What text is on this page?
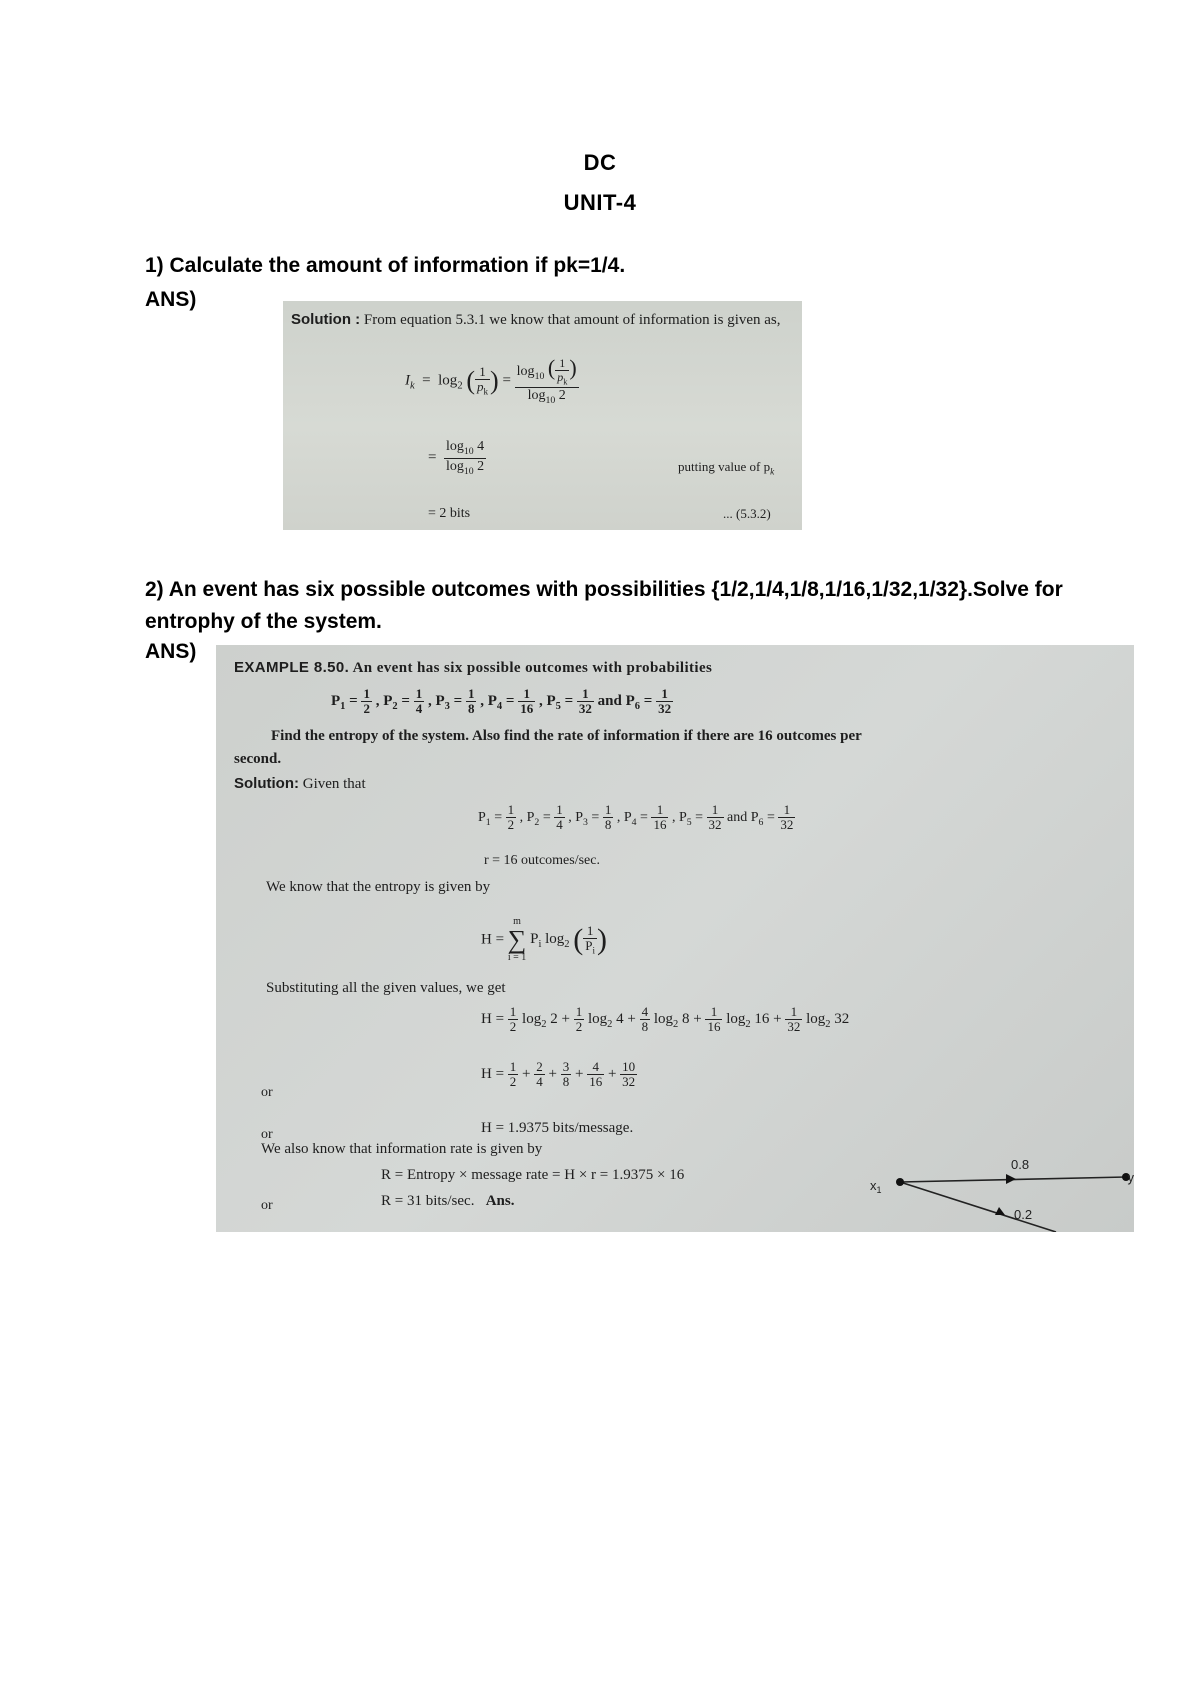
DC
UNIT-4
1) Calculate the amount of information if pk=1/4.
ANS)
Solution : From equation 5.3.1 we know that amount of information is given as,
$I_k = \log_2$ ( $\frac{1}{p_k}$ ) = $\frac{\log_{10} ( \frac{1}{p_k} )}{\log_{10} 2}$
= $\frac{\log_{10} 4}{\log_{10} 2}$	putting value of $p_k$
= 2 bits	... (5.3.2)
2) An event has six possible outcomes with possibilities {1/2,1/4,1/8,1/16,1/32,1/32}.Solve for entrophy of the system.
ANS)
EXAMPLE 8.50. An event has six possible outcomes with probabilities
$P_1 = \frac{1}{2}$ , $P_2 = \frac{1}{4}$ , $P_3 = \frac{1}{8}$ , $P_4 = \frac{1}{16}$ , $P_5 = \frac{1}{32}$ and $P_6 = \frac{1}{32}$
Find the entropy of the system. Also find the rate of information if there are 16 outcomes per
second.
Solution: Given that
$P_1 = \frac{1}{2}$ , $P_2 = \frac{1}{4}$ , $P_3 = \frac{1}{8}$ , $P_4 = \frac{1}{16}$ , $P_5 = \frac{1}{32}$ and $P_6 = \frac{1}{32}$
r = 16 outcomes/sec.
We know that the entropy is given by
H =
m
∑
i = 1
$P_i$ $\log_2$ ( $\frac{1}{P_i}$ )
Substituting all the given values, we get
$H = \frac{1}{2} \log_2 2 + \frac{1}{2} \log_2 4 + \frac{4}{8} \log_2 8 + \frac{1}{16} \log_2 16 + \frac{1}{32} \log_2 32$
or
$H = \frac{1}{2} + \frac{2}{4} + \frac{3}{8} + \frac{4}{16} + \frac{10}{32}$
or	H = 1.9375 bits/message.
We also know that information rate is given by
R = Entropy × message rate = H × r = 1.9375 × 16
or	R = 31 bits/sec. Ans.
$x_1$
0.8
0.2
y
